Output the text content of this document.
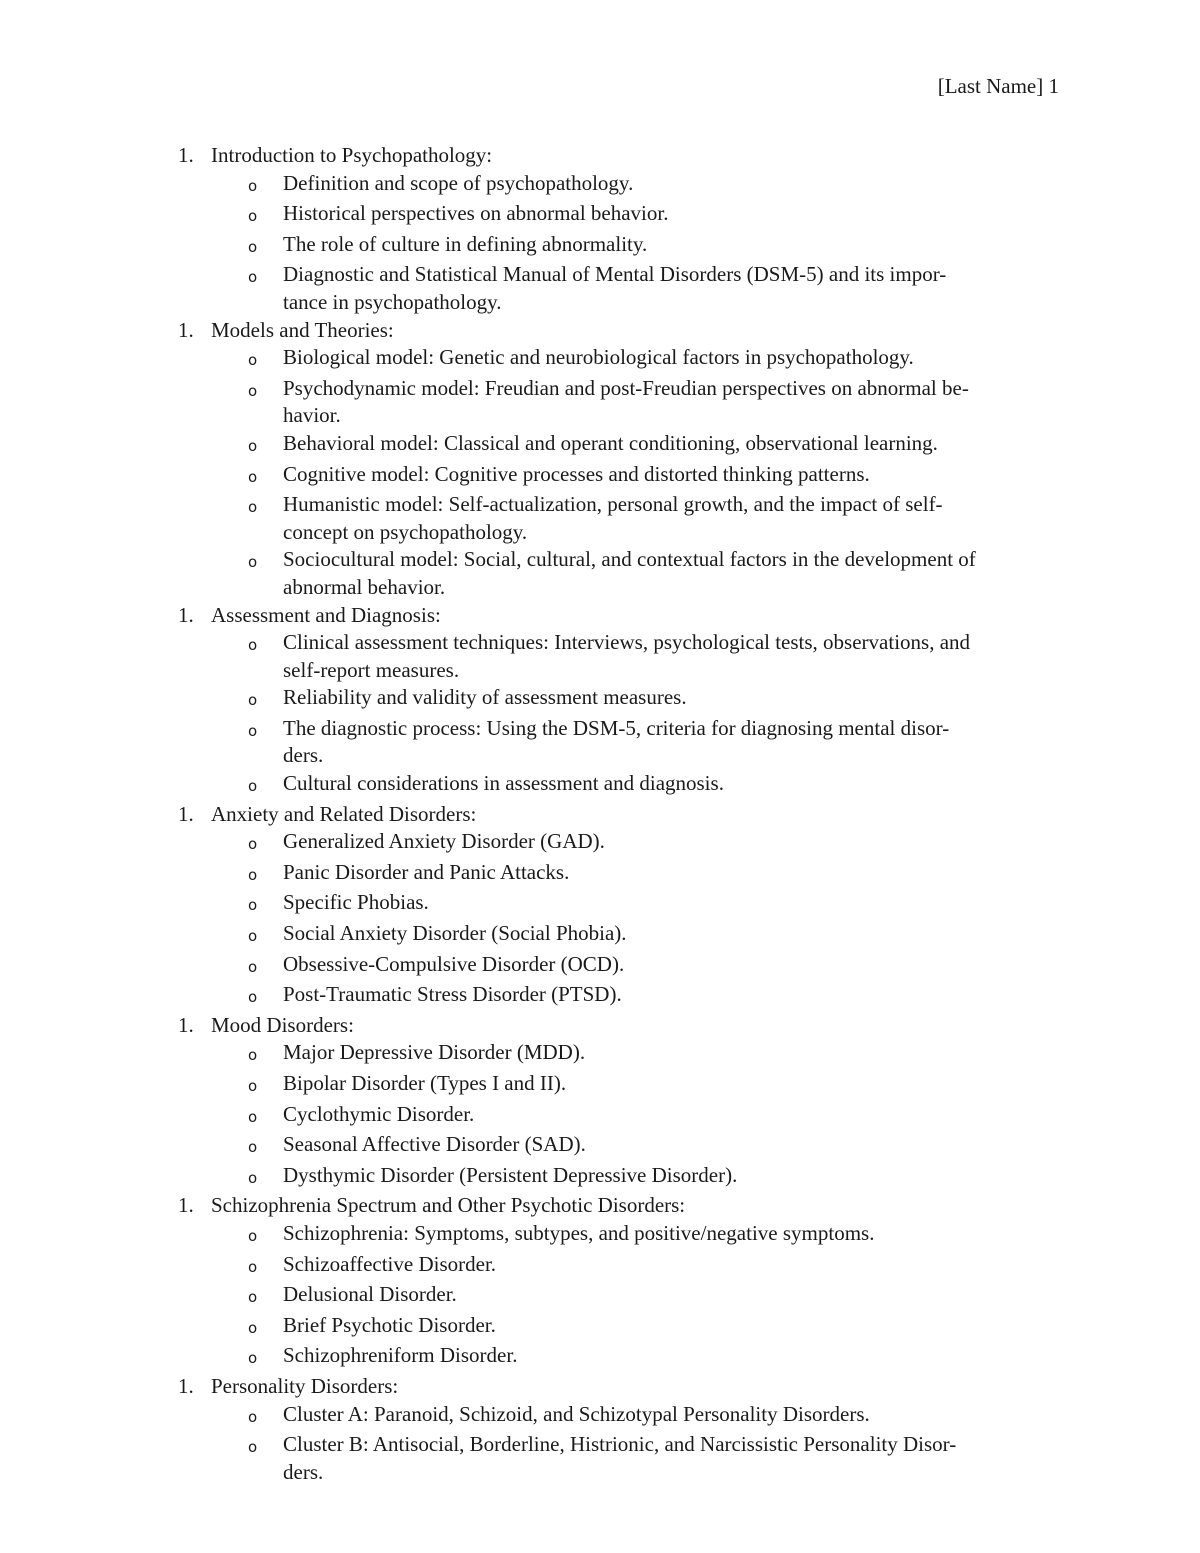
[Last Name] 1
1. Introduction to Psychopathology:
o	Definition and scope of psychopathology.
o	Historical perspectives on abnormal behavior.
o	The role of culture in defining abnormality.
o	Diagnostic and Statistical Manual of Mental Disorders (DSM-5) and its impor-
tance in psychopathology.
1. Models and Theories:
o	Biological model: Genetic and neurobiological factors in psychopathology.
o	Psychodynamic model: Freudian and post-Freudian perspectives on abnormal be-
havior.
o	Behavioral model: Classical and operant conditioning, observational learning.
o	Cognitive model: Cognitive processes and distorted thinking patterns.
o	Humanistic model: Self-actualization, personal growth, and the impact of self-
concept on psychopathology.
o	Sociocultural model: Social, cultural, and contextual factors in the development of
abnormal behavior.
1. Assessment and Diagnosis:
o	Clinical assessment techniques: Interviews, psychological tests, observations, and
self-report measures.
o	Reliability and validity of assessment measures.
o	The diagnostic process: Using the DSM-5, criteria for diagnosing mental disor-
ders.
o	Cultural considerations in assessment and diagnosis.
1. Anxiety and Related Disorders:
o	Generalized Anxiety Disorder (GAD).
o	Panic Disorder and Panic Attacks.
o	Specific Phobias.
o	Social Anxiety Disorder (Social Phobia).
o	Obsessive-Compulsive Disorder (OCD).
o	Post-Traumatic Stress Disorder (PTSD).
1. Mood Disorders:
o	Major Depressive Disorder (MDD).
o	Bipolar Disorder (Types I and II).
o	Cyclothymic Disorder.
o	Seasonal Affective Disorder (SAD).
o	Dysthymic Disorder (Persistent Depressive Disorder).
1. Schizophrenia Spectrum and Other Psychotic Disorders:
o	Schizophrenia: Symptoms, subtypes, and positive/negative symptoms.
o	Schizoaffective Disorder.
o	Delusional Disorder.
o	Brief Psychotic Disorder.
o	Schizophreniform Disorder.
1. Personality Disorders:
o	Cluster A: Paranoid, Schizoid, and Schizotypal Personality Disorders.
o	Cluster B: Antisocial, Borderline, Histrionic, and Narcissistic Personality Disor-
ders.
